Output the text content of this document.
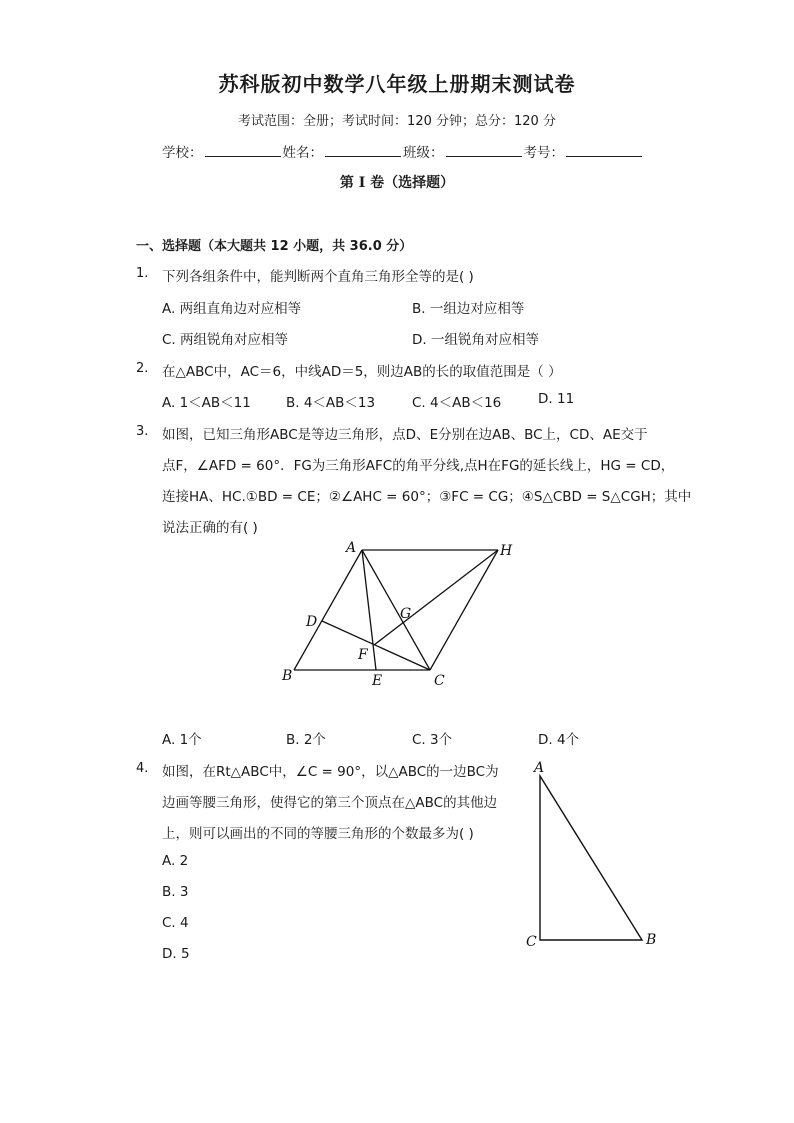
苏科版初中数学八年级上册期末测试卷
考试范围：全册；考试时间：120 分钟；总分：120 分
学校：	姓名：	班级：	考号：
第 I 卷（选择题）
一、选择题（本大题共 12 小题，共 36.0 分）
1. 下列各组条件中，能判断两个直角三角形全等的是( )
A. 两组直角边对应相等	B. 一组边对应相等
C. 两组锐角对应相等	D. 一组锐角对应相等
2. 在△ABC中，AC＝6，中线AD＝5，则边AB的长的取值范围是（ ）
A. 1＜AB＜11	B. 4＜AB＜13	C. 4＜AB＜16	D. 11
3. 如图，已知三角形ABC是等边三角形，点D、E分别在边AB、BC上，CD、AE交于
点F，∠AFD = 60°．FG为三角形AFC的角平分线,点H在FG的延长线上，HG = CD，
连接HA、HC.①BD = CE；②∠AHC = 60°；③FC = CG；④S△CBD = S△CGH；其中
说法正确的有( )
A	H
D	G
F
B	E	C
A. 1个	B. 2个	C. 3个	D. 4个
4. 如图，在Rt△ABC中，∠C = 90°，以△ABC的一边BC为
边画等腰三角形，使得它的第三个顶点在△ABC的其他边
上，则可以画出的不同的等腰三角形的个数最多为( )
A
C	B
A. 2
B. 3
C. 4
D. 5
